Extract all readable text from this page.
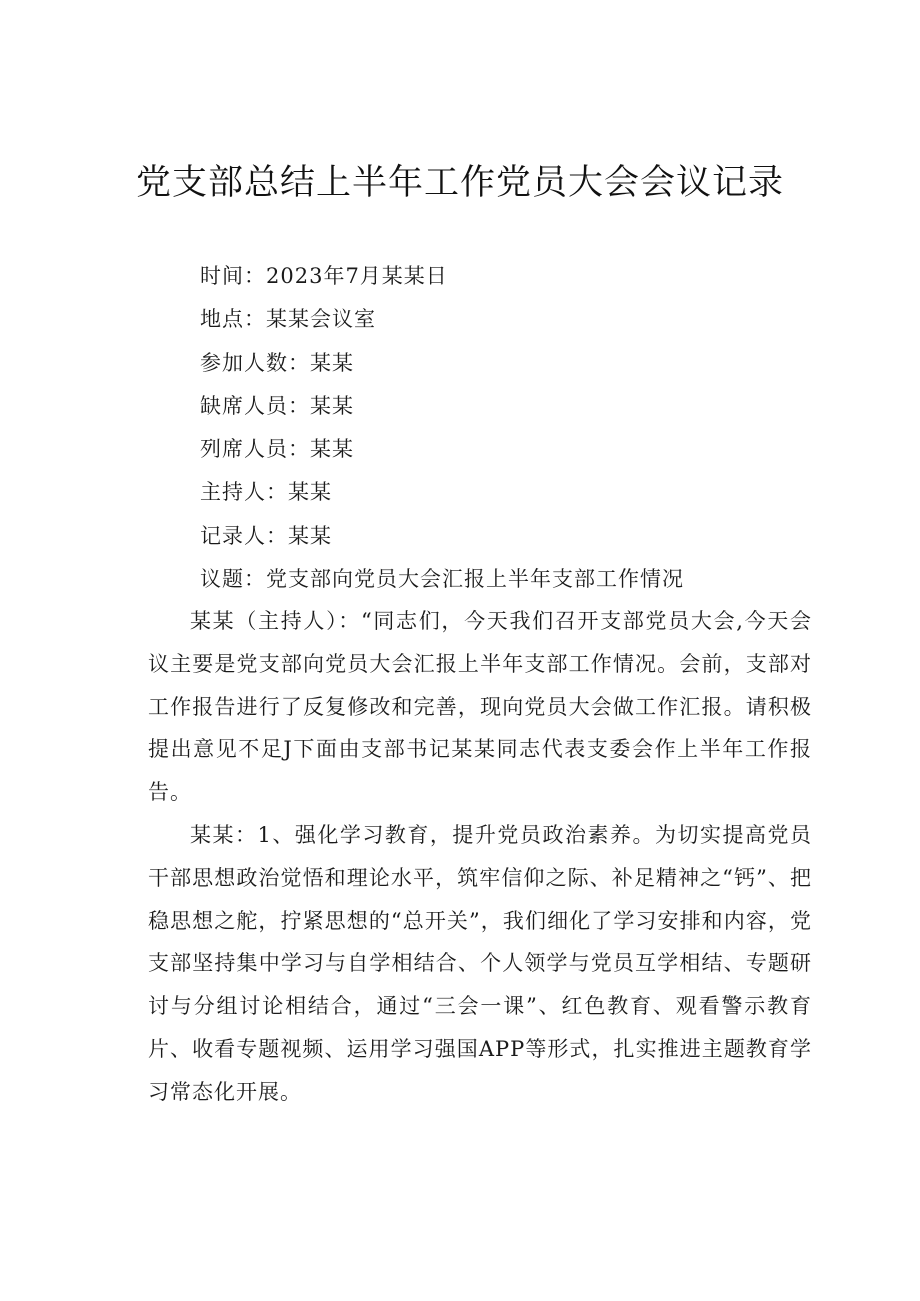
党支部总结上半年工作党员大会会议记录
时间：2023年7月某某日
地点：某某会议室
参加人数：某某
缺席人员：某某
列席人员：某某
主持人：某某
记录人：某某
议题：党支部向党员大会汇报上半年支部工作情况

某某（主持人）：“同志们，今天我们召开支部党员大会,今天会议主要是党支部向党员大会汇报上半年支部工作情况。会前，支部对工作报告进行了反复修改和完善，现向党员大会做工作汇报。请积极提出意见不足J下面由支部书记某某同志代表支委会作上半年工作报告。

某某：1、强化学习教育，提升党员政治素养。为切实提高党员干部思想政治觉悟和理论水平，筑牢信仰之际、补足精神之“钙”、把稳思想之舵，拧紧思想的“总开关”，我们细化了学习安排和内容，党支部坚持集中学习与自学相结合、个人领学与党员互学相结、专题研讨与分组讨论相结合，通过“三会一课”、红色教育、观看警示教育片、收看专题视频、运用学习强国APP等形式，扎实推进主题教育学习常态化开展。
